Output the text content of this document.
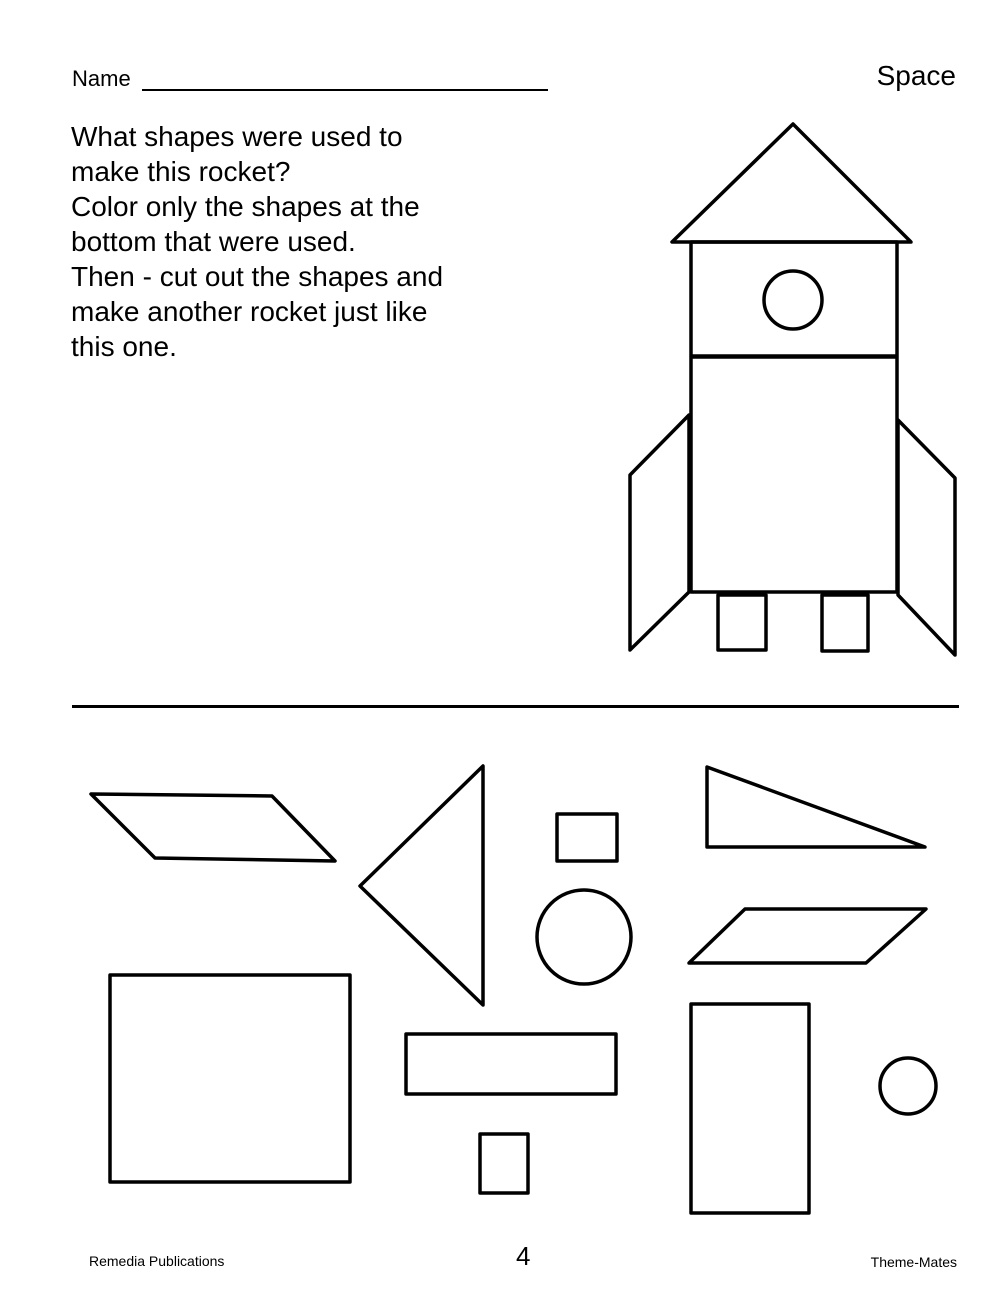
Name	Space
What shapes were used to
make this rocket?
Color only the shapes at the
bottom that were used.
Then - cut out the shapes and
make another rocket just like
this one.
Remedia Publications	4	Theme-Mates
